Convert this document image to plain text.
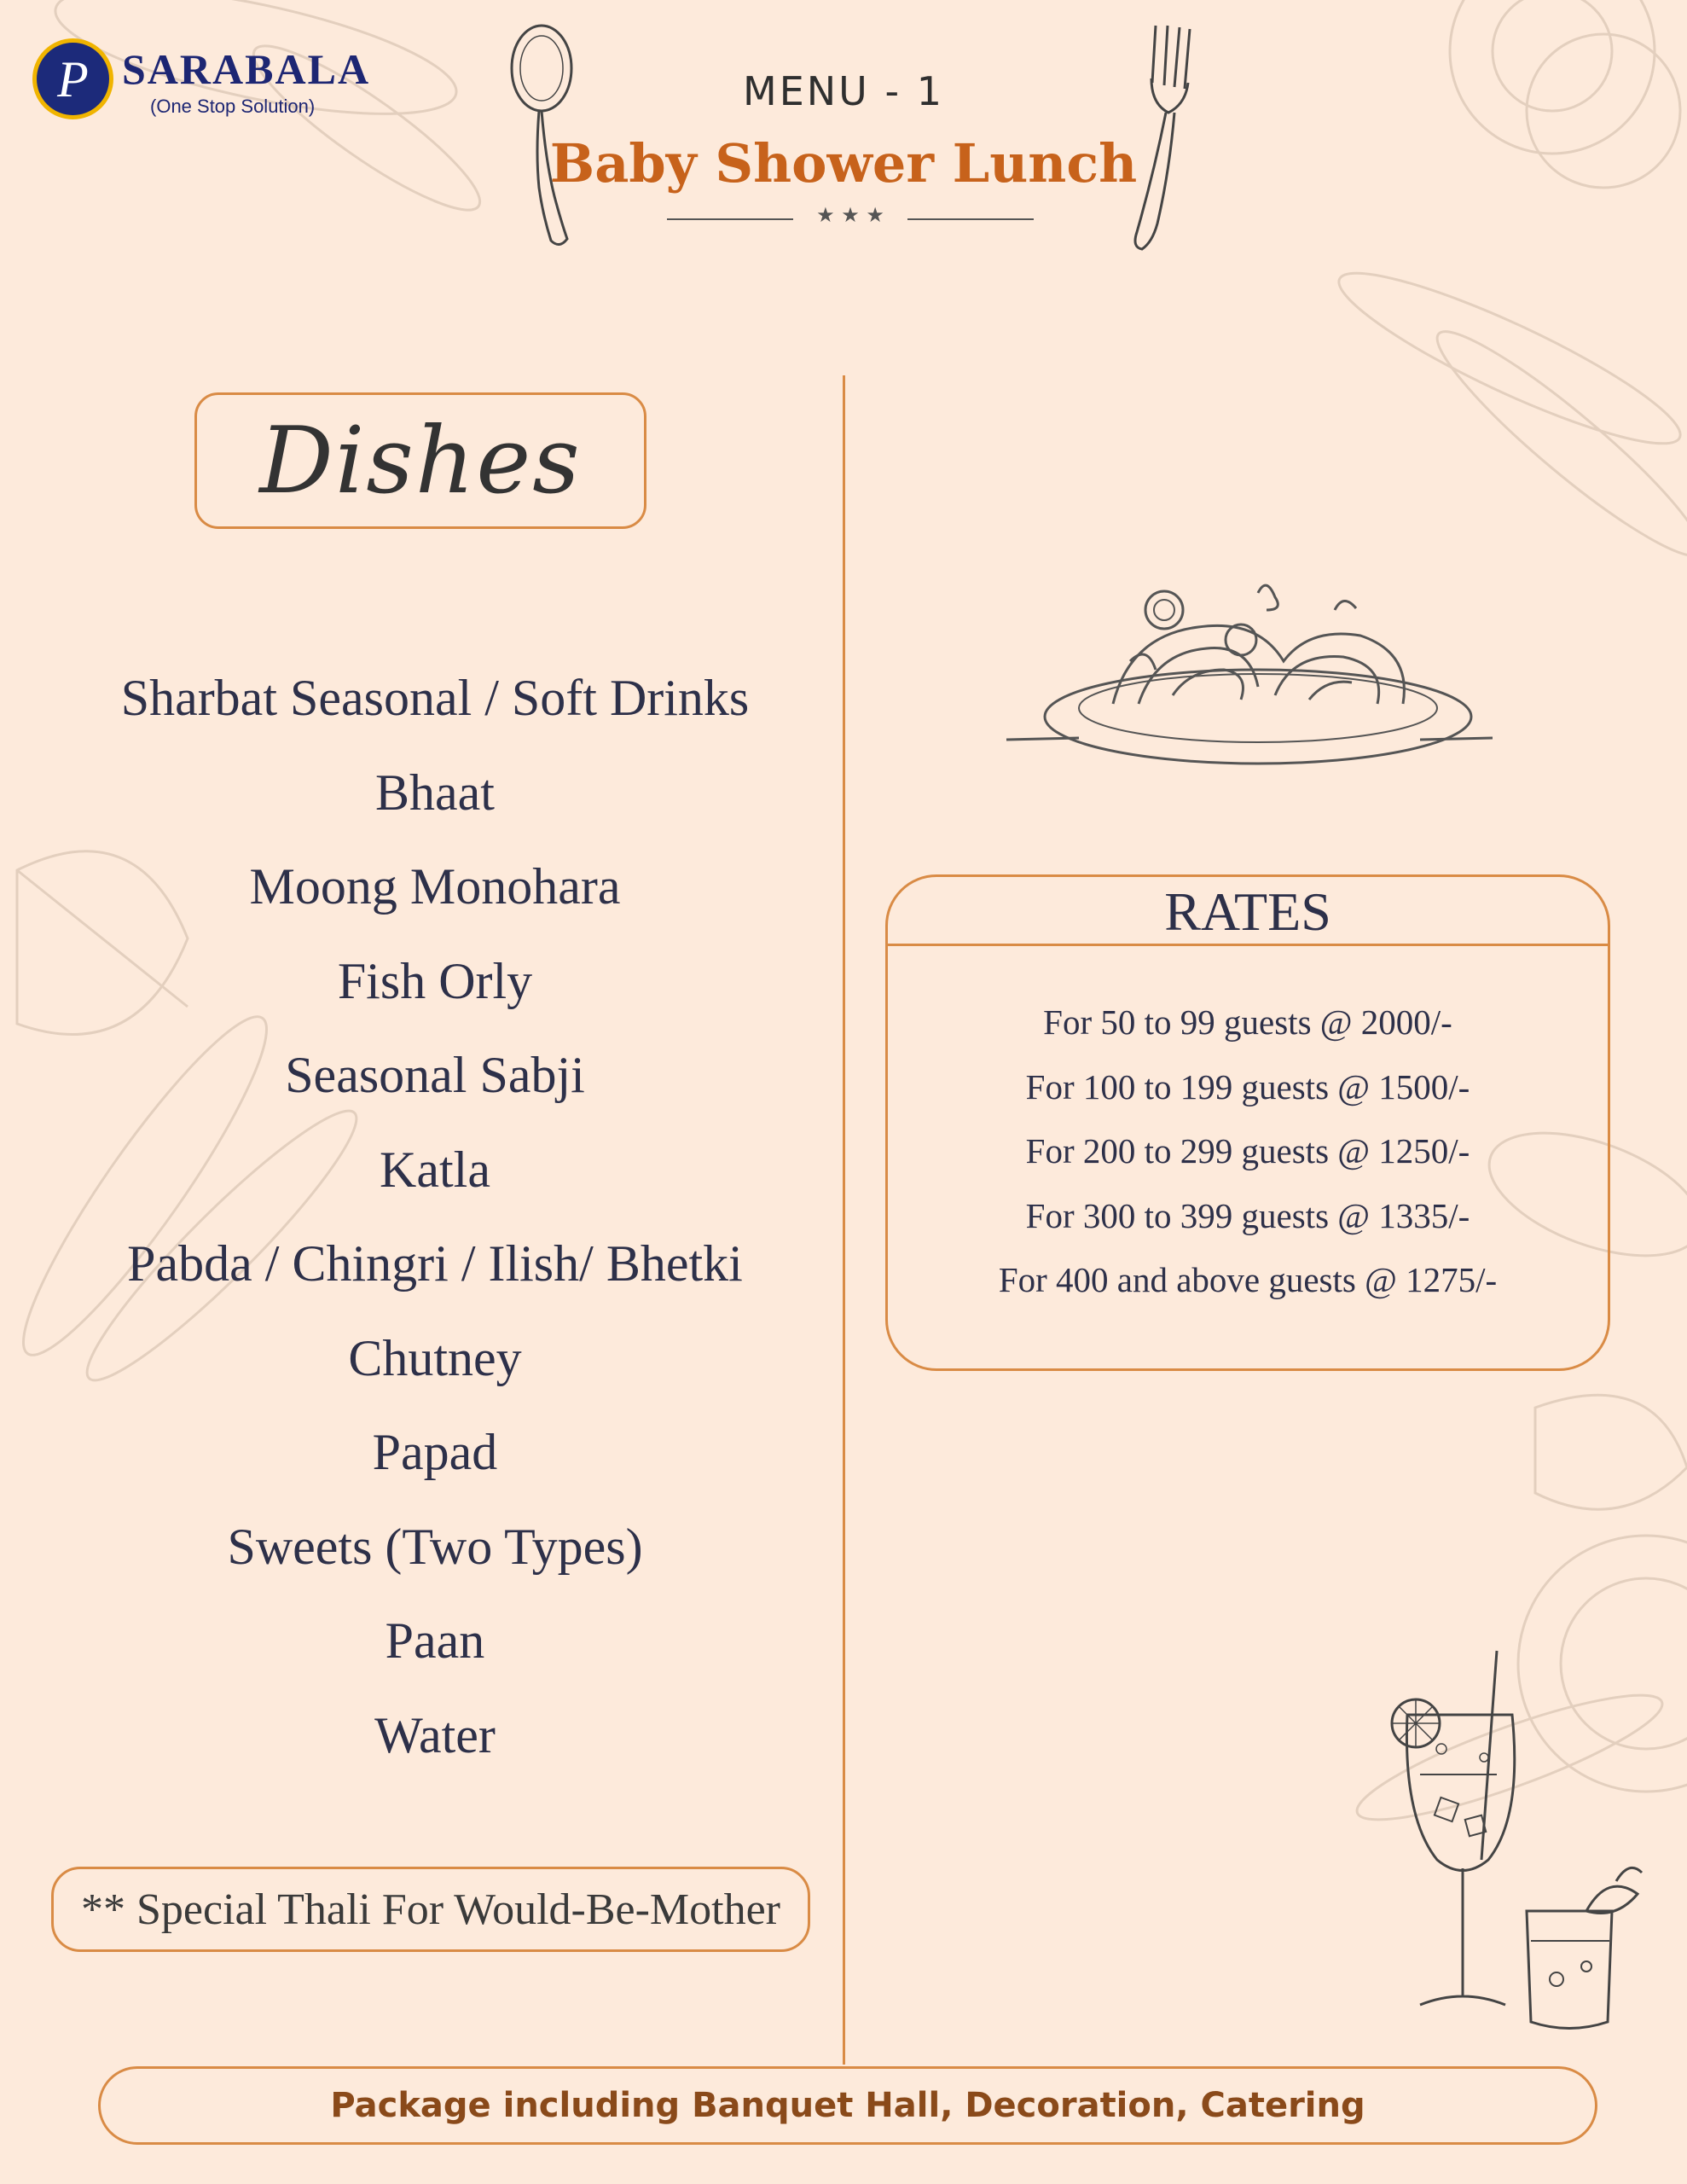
P SARABALA
(One Stop Solution)	MENU - 1
Baby Shower Lunch
★ ★ ★
Dishes
Sharbat Seasonal / Soft Drinks
Bhaat
Moong Monohara
Fish Orly
Seasonal Sabji
Katla
Pabda / Chingri / Ilish/ Bhetki
Chutney
Papad
Sweets (Two Types)
Paan
Water
** Special Thali For Would-Be-Mother
RATES
For 50 to 99 guests @ 2000/-
For 100 to 199 guests @ 1500/-
For 200 to 299 guests @ 1250/-
For 300 to 399 guests @ 1335/-
For 400 and above guests @ 1275/-
Package including Banquet Hall, Decoration, Catering
